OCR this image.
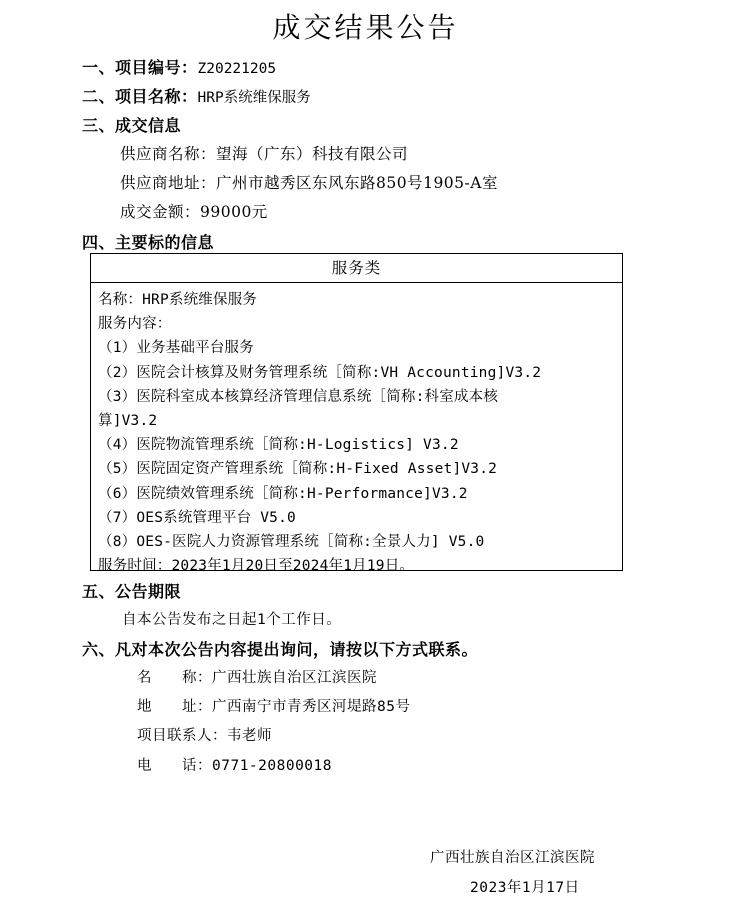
成交结果公告
一、项目编号：Z20221205
二、项目名称：HRP系统维保服务
三、成交信息
供应商名称：望海（广东）科技有限公司
供应商地址：广州市越秀区东风东路850号1905-A室
成交金额：99000元
四、主要标的信息
服务类
名称：HRP系统维保服务
服务内容：
（1）业务基础平台服务
（2）医院会计核算及财务管理系统［简称:VH Accounting]V3.2
（3）医院科室成本核算经济管理信息系统［简称:科室成本核
算]V3.2
（4）医院物流管理系统［简称:H-Logistics] V3.2
（5）医院固定资产管理系统［简称:H-Fixed Asset]V3.2
（6）医院绩效管理系统［简称:H-Performance]V3.2
（7）OES系统管理平台 V5.0
（8）OES-医院人力资源管理系统［简称:全景人力] V5.0
服务时间：2023年1月20日至2024年1月19日。
五、公告期限
自本公告发布之日起1个工作日。
六、凡对本次公告内容提出询问，请按以下方式联系。
名　　称：广西壮族自治区江滨医院
地　　址：广西南宁市青秀区河堤路85号
项目联系人：韦老师
电　　话：0771-20800018
广西壮族自治区江滨医院
2023年1月17日
